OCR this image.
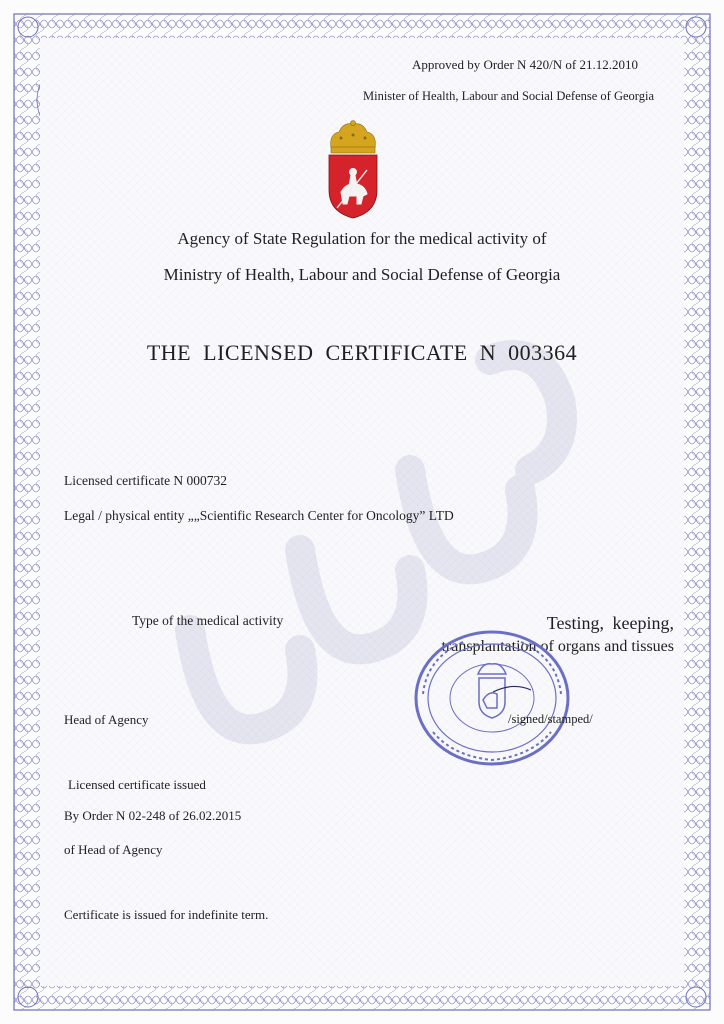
Approved by Order N 420/N of 21.12.2010
Minister of Health, Labour and Social Defense of Georgia
Agency of State Regulation for the medical activity of
Ministry of Health, Labour and Social Defense of Georgia
THE LICENSED CERTIFICATE N 003364
Licensed certificate N 000732
Legal / physical entity „„Scientific Research Center for Oncology” LTD
Type of the medical activity	Testing, keeping,
transplantation of organs and tissues
Head of Agency	/signed/stamped/
Licensed certificate issued
By Order N 02-248 of 26.02.2015
of Head of Agency
Certificate is issued for indefinite term.
